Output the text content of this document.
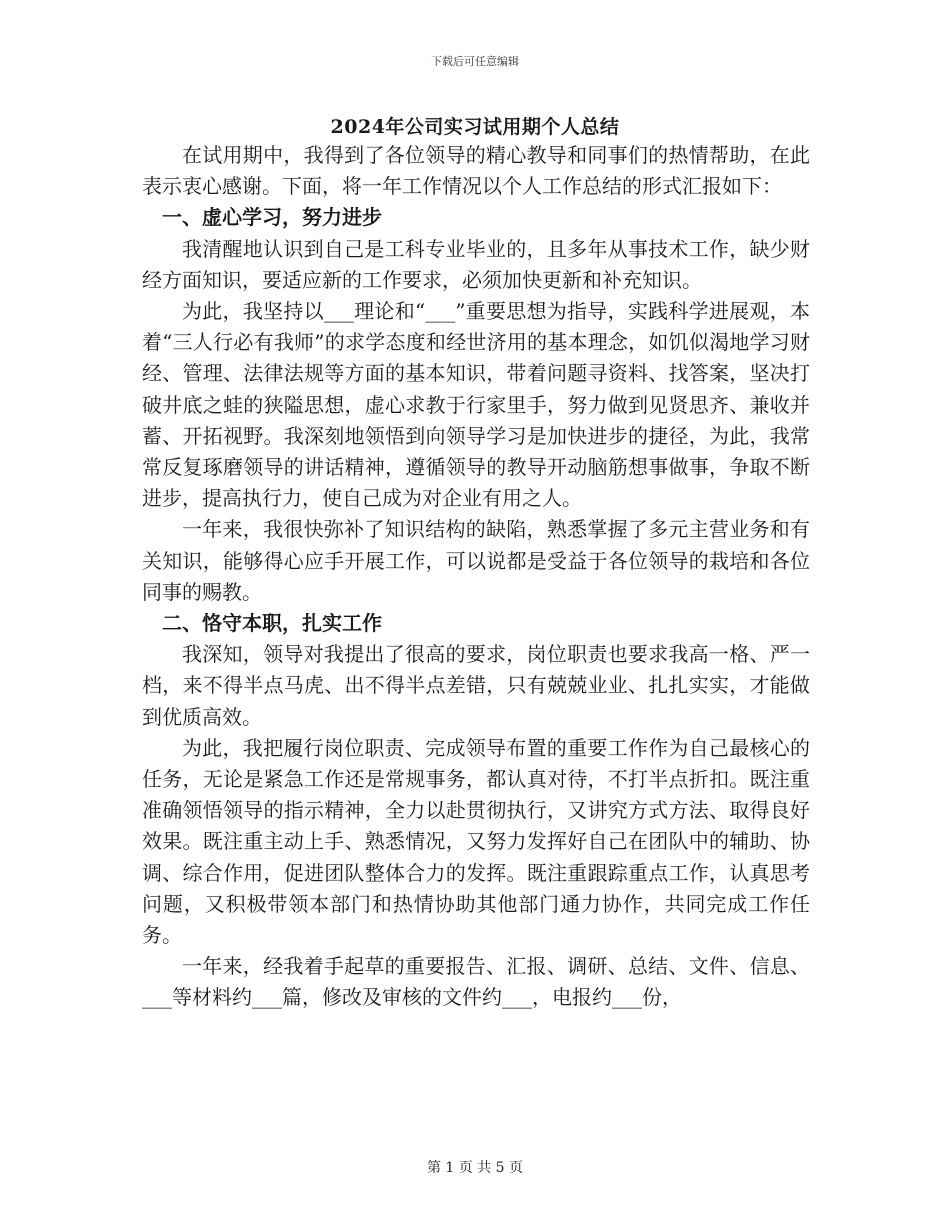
下载后可任意编辑
2024年公司实习试用期个人总结

在试用期中，我得到了各位领导的精心教导和同事们的热情帮助，在此表示衷心感谢。下面，将一年工作情况以个人工作总结的形式汇报如下：

一、虚心学习，努力进步

我清醒地认识到自己是工科专业毕业的，且多年从事技术工作，缺少财经方面知识，要适应新的工作要求，必须加快更新和补充知识。

为此，我坚持以___理论和“___”重要思想为指导，实践科学进展观，本着“三人行必有我师”的求学态度和经世济用的基本理念，如饥似渴地学习财经、管理、法律法规等方面的基本知识，带着问题寻资料、找答案，坚决打破井底之蛙的狭隘思想，虚心求教于行家里手，努力做到见贤思齐、兼收并蓄、开拓视野。我深刻地领悟到向领导学习是加快进步的捷径，为此，我常常反复琢磨领导的讲话精神，遵循领导的教导开动脑筋想事做事，争取不断进步，提高执行力，使自己成为对企业有用之人。

一年来，我很快弥补了知识结构的缺陷，熟悉掌握了多元主营业务和有关知识，能够得心应手开展工作，可以说都是受益于各位领导的栽培和各位同事的赐教。

二、恪守本职，扎实工作

我深知，领导对我提出了很高的要求，岗位职责也要求我高一格、严一档，来不得半点马虎、出不得半点差错，只有兢兢业业、扎扎实实，才能做到优质高效。

为此，我把履行岗位职责、完成领导布置的重要工作作为自己最核心的任务，无论是紧急工作还是常规事务，都认真对待，不打半点折扣。既注重准确领悟领导的指示精神，全力以赴贯彻执行，又讲究方式方法、取得良好效果。既注重主动上手、熟悉情况，又努力发挥好自己在团队中的辅助、协调、综合作用，促进团队整体合力的发挥。既注重跟踪重点工作，认真思考问题，又积极带领本部门和热情协助其他部门通力协作，共同完成工作任务。

一年来，经我着手起草的重要报告、汇报、调研、总结、文件、信息、___等材料约___篇，修改及审核的文件约___，电报约___份，

第 1 页 共 5 页
